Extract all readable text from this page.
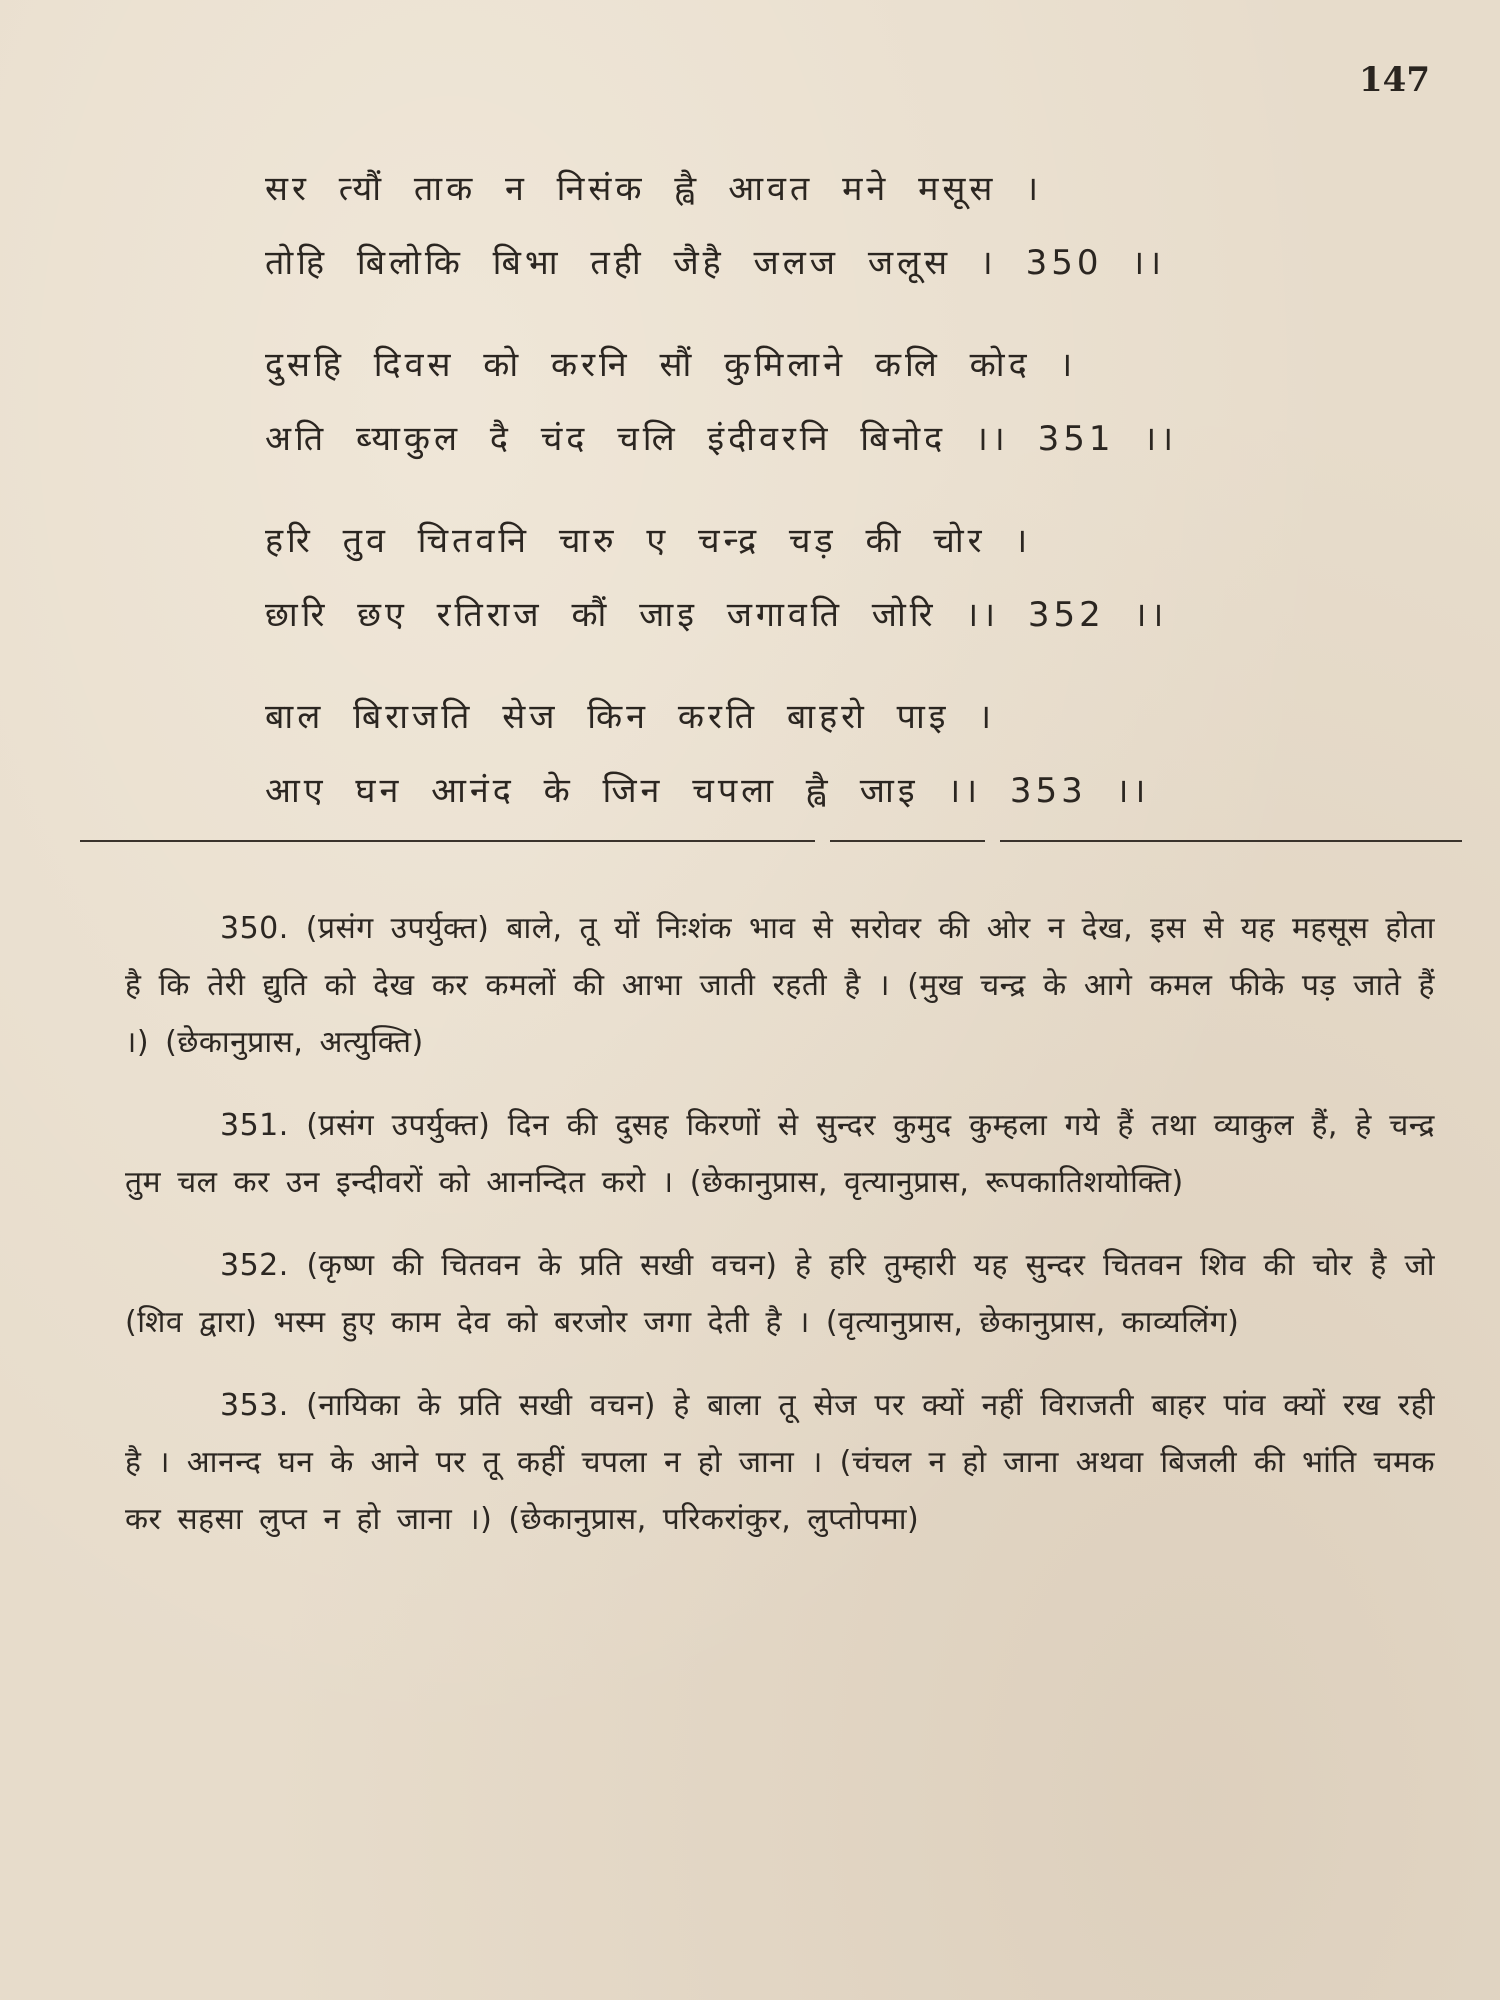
147
सर त्यौं ताक न निसंक ह्वै आवत मने मसूस ।
तोहि बिलोकि बिभा तही जैहै जलज जलूस । 350 ।।
दुसहि दिवस को करनि सौं कुमिलाने कलि कोद ।
अति ब्याकुल दै चंद चलि इंदीवरनि बिनोद ।। 351 ।।
हरि तुव चितवनि चारु ए चन्द्र चड़ की चोर ।
छारि छए रतिराज कौं जाइ जगावति जोरि ।। 352 ।।
बाल बिराजति सेज किन करति बाहरो पाइ ।
आए घन आनंद के जिन चपला ह्वै जाइ ।। 353 ।।

350. (प्रसंग उपर्युक्त) बाले, तू यों निःशंक भाव से सरोवर की ओर न देख, इस से यह महसूस होता है कि तेरी द्युति को देख कर कमलों की आभा जाती रहती है । (मुख चन्द्र के आगे कमल फीके पड़ जाते हैं ।) (छेकानुप्रास, अत्युक्ति)

351. (प्रसंग उपर्युक्त) दिन की दुसह किरणों से सुन्दर कुमुद कुम्हला गये हैं तथा व्याकुल हैं, हे चन्द्र तुम चल कर उन इन्दीवरों को आनन्दित करो । (छेकानुप्रास, वृत्यानुप्रास, रूपकातिशयोक्ति)

352. (कृष्ण की चितवन के प्रति सखी वचन) हे हरि तुम्हारी यह सुन्दर चितवन शिव की चोर है जो (शिव द्वारा) भस्म हुए काम देव को बरजोर जगा देती है । (वृत्यानुप्रास, छेकानुप्रास, काव्यलिंग)

353. (नायिका के प्रति सखी वचन) हे बाला तू सेज पर क्यों नहीं विराजती बाहर पांव क्यों रख रही है । आनन्द घन के आने पर तू कहीं चपला न हो जाना । (चंचल न हो जाना अथवा बिजली की भांति चमक कर सहसा लुप्त न हो जाना ।) (छेकानुप्रास, परिकरांकुर, लुप्तोपमा)
